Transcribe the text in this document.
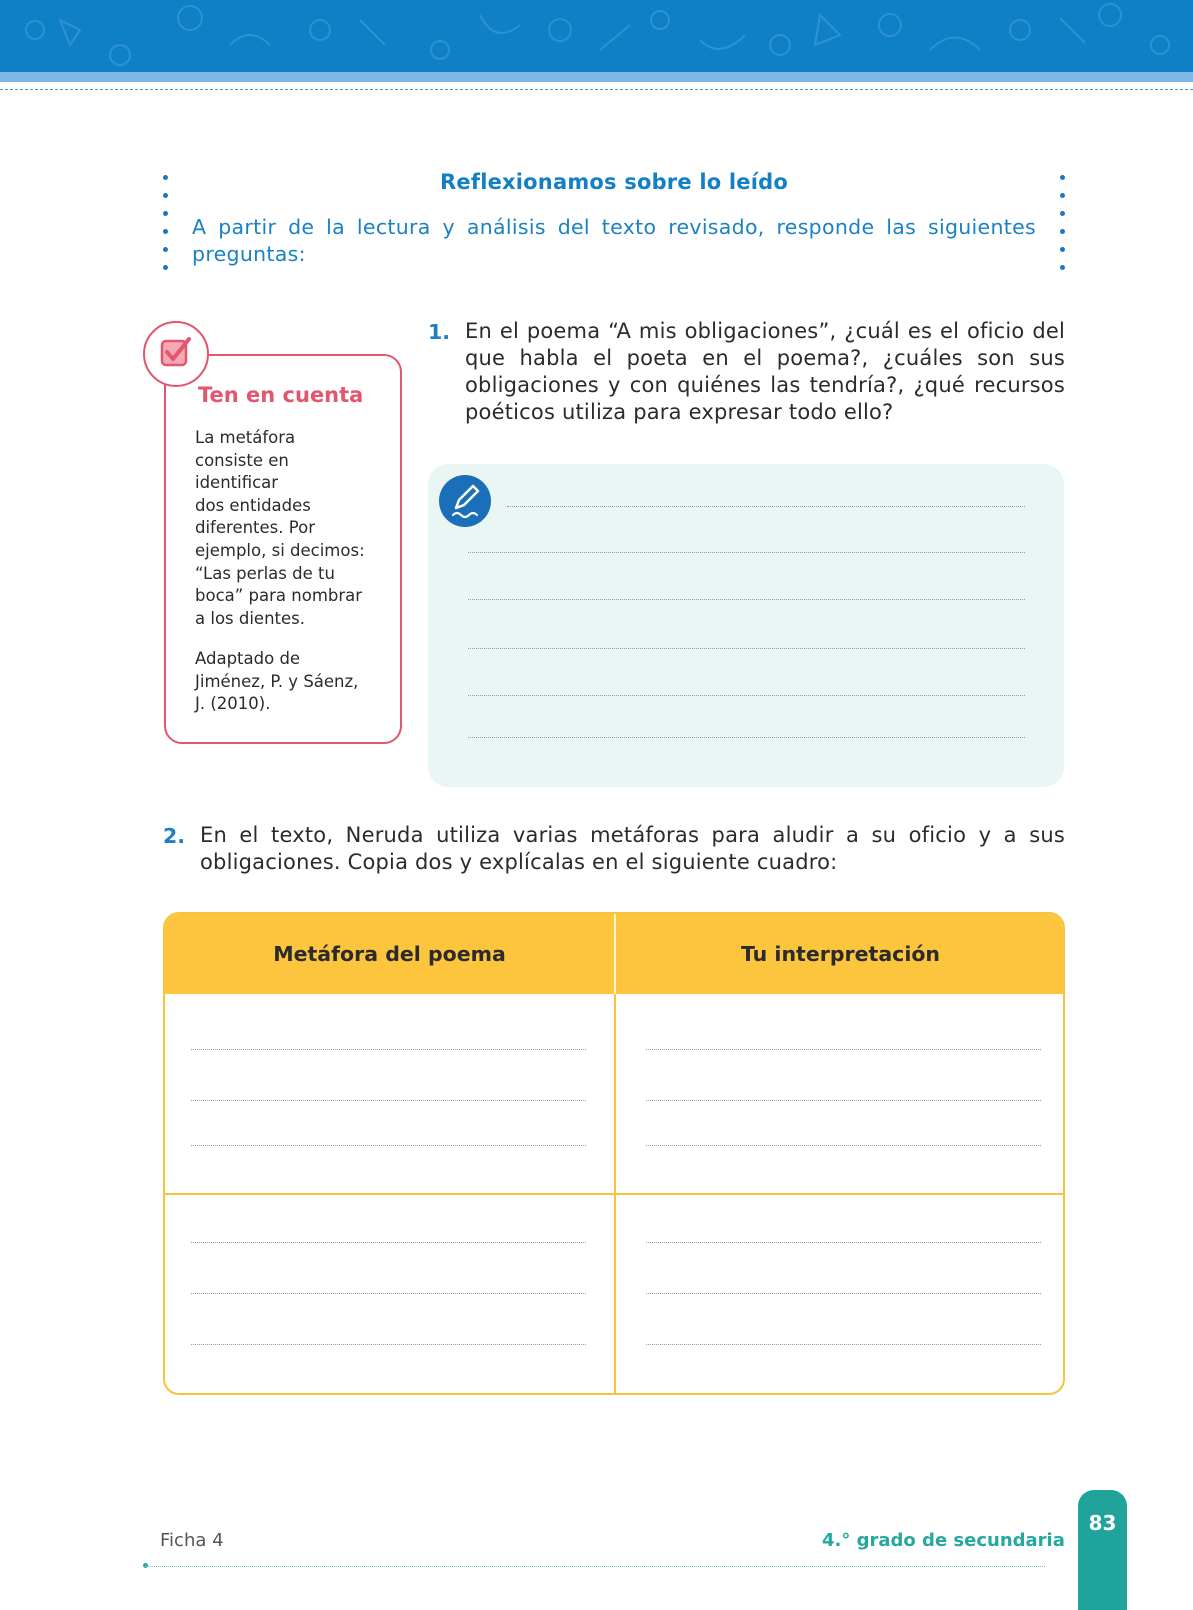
Reflexionamos sobre lo leído
A partir de la lectura y análisis del texto revisado, responde las siguientes preguntas:
1. En el poema “A mis obligaciones”, ¿cuál es el oficio del que habla el poeta en el poema?, ¿cuáles son sus obligaciones y con quiénes las tendría?, ¿qué recursos poéticos utiliza para expresar todo ello?
Ten en cuenta
La metáfora
consiste en
identificar
dos entidades
diferentes. Por
ejemplo, si decimos:
“Las perlas de tu
boca” para nombrar
a los dientes.
Adaptado de
Jiménez, P. y Sáenz,
J. (2010).
2. En el texto, Neruda utiliza varias metáforas para aludir a su oficio y a sus obligaciones. Copia dos y explícalas en el siguiente cuadro:
Metáfora del poema	Tu interpretación
Ficha 4	4.° grado de secundaria
83
